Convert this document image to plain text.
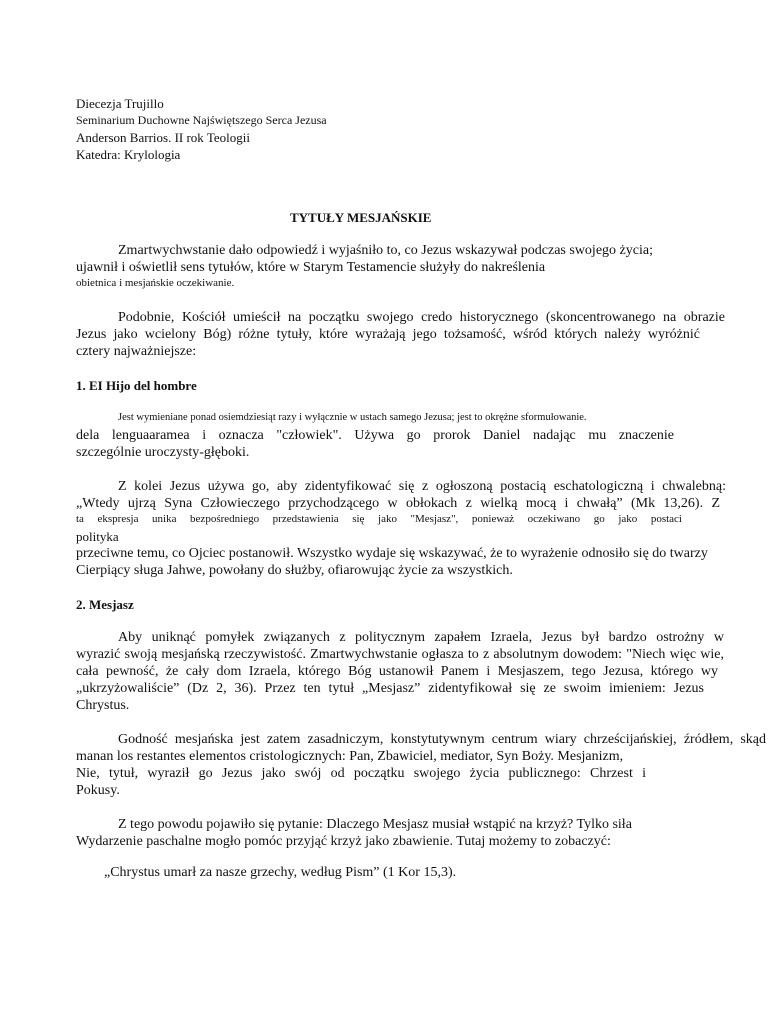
Diecezja Trujillo
Seminarium Duchowne Najświętszego Serca Jezusa
Anderson Barrios. II rok Teologii
Katedra: Krylologia
TYTUŁY MESJAŃSKIE
Zmartwychwstanie dało odpowiedź i wyjaśniło to, co Jezus wskazywał podczas swojego życia;
ujawnił i oświetlił sens tytułów, które w Starym Testamencie służyły do nakreślenia
obietnica i mesjańskie oczekiwanie.
Podobnie, Kościół umieścił na początku swojego credo historycznego (skoncentrowanego na obrazie
Jezus jako wcielony Bóg) różne tytuły, które wyrażają jego tożsamość, wśród których należy wyróżnić
cztery najważniejsze:
1. EI Hijo del hombre
Jest wymieniane ponad osiemdziesiąt razy i wyłącznie w ustach samego Jezusa; jest to okrężne sformułowanie.
dela lenguaaramea i oznacza "człowiek". Używa go prorok Daniel nadając mu znaczenie
szczególnie uroczysty-głęboki.
Z kolei Jezus używa go, aby zidentyfikować się z ogłoszoną postacią eschatologiczną i chwalebną:
„Wtedy ujrzą Syna Człowieczego przychodzącego w obłokach z wielką mocą i chwałą” (Mk 13,26). Z
ta ekspresja unika bezpośredniego przedstawienia się jako "Mesjasz", ponieważ oczekiwano go jako postaci
polityka
przeciwne temu, co Ojciec postanowił. Wszystko wydaje się wskazywać, że to wyrażenie odnosiło się do twarzy
Cierpiący sługa Jahwe, powołany do służby, ofiarowując życie za wszystkich.
2. Mesjasz
Aby uniknąć pomyłek związanych z politycznym zapałem Izraela, Jezus był bardzo ostrożny w
wyrazić swoją mesjańską rzeczywistość. Zmartwychwstanie ogłasza to z absolutnym dowodem: "Niech więc wie,
cała pewność, że cały dom Izraela, którego Bóg ustanowił Panem i Mesjaszem, tego Jezusa, którego wy
„ukrzyżowaliście” (Dz 2, 36). Przez ten tytuł „Mesjasz” zidentyfikował się ze swoim imieniem: Jezus
Chrystus.
Godność mesjańska jest zatem zasadniczym, konstytutywnym centrum wiary chrześcijańskiej, źródłem, skąd
manan los restantes elementos cristologicznych: Pan, Zbawiciel, mediator, Syn Boży. Mesjanizm,
Nie, tytuł, wyraził go Jezus jako swój od początku swojego życia publicznego: Chrzest i
Pokusy.
Z tego powodu pojawiło się pytanie: Dlaczego Mesjasz musiał wstąpić na krzyż? Tylko siła
Wydarzenie paschalne mogło pomóc przyjąć krzyż jako zbawienie. Tutaj możemy to zobaczyć:
„Chrystus umarł za nasze grzechy, według Pism” (1 Kor 15,3).
